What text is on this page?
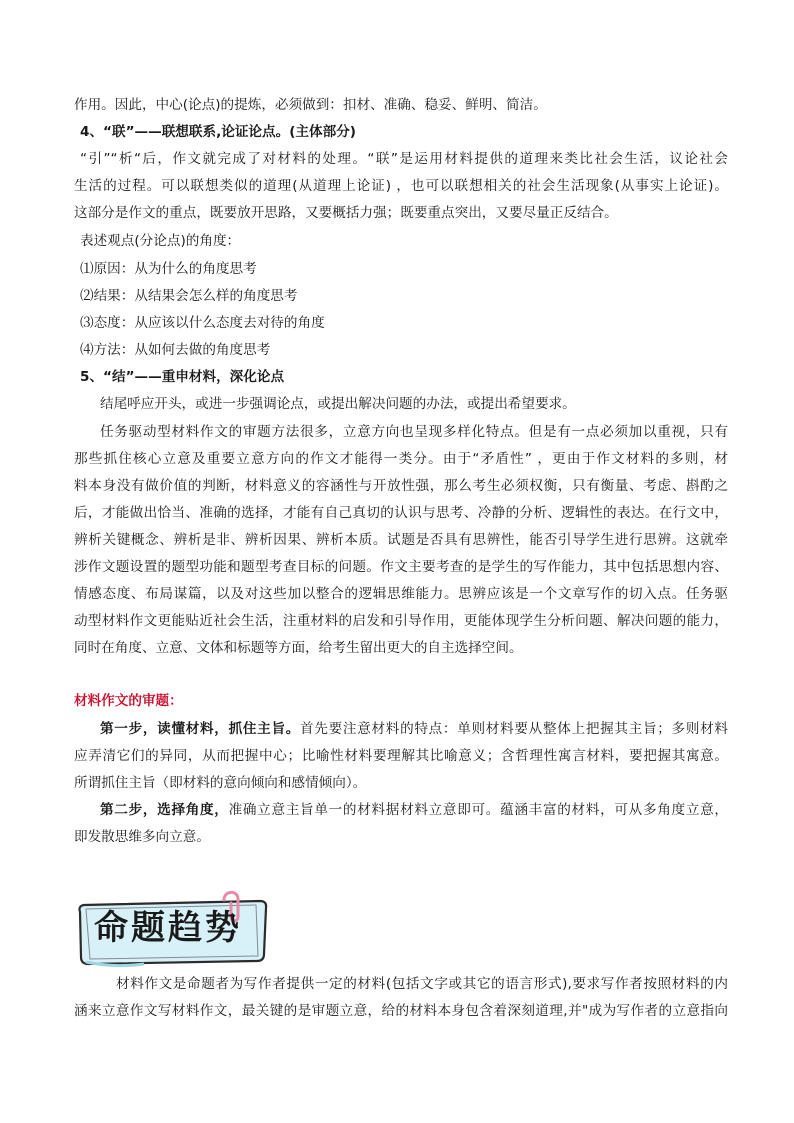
作用。因此，中心(论点)的提炼，必须做到：扣材、准确、稳妥、鲜明、简洁。
4、“联”——联想联系,论证论点。(主体部分)
“引”“析“后，作文就完成了对材料的处理。“联”是运用材料提供的道理来类比社会生活，议论社会
生活的过程。可以联想类似的道理(从道理上论证) ，也可以联想相关的社会生活现象(从事实上论证)。
这部分是作文的重点，既要放开思路，又要概括力强；既要重点突出，又要尽量正反结合。
表述观点(分论点)的角度：
⑴原因：从为什么的角度思考
⑵结果：从结果会怎么样的角度思考
⑶态度：从应该以什么态度去对待的角度
⑷方法：从如何去做的角度思考
5、“结”——重申材料，深化论点
结尾呼应开头，或进一步强调论点，或提出解决问题的办法，或提出希望要求。
任务驱动型材料作文的审题方法很多，立意方向也呈现多样化特点。但是有一点必须加以重视，只有
那些抓住核心立意及重要立意方向的作文才能得一类分。由于“矛盾性” ，更由于作文材料的多则，材
料本身没有做价值的判断，材料意义的容涵性与开放性强，那么考生必须权衡，只有衡量、考虑、斟酌之
后，才能做出恰当、准确的选择，才能有自己真切的认识与思考、冷静的分析、逻辑性的表达。在行文中，
辨析关键概念、辨析是非、辨析因果、辨析本质。试题是否具有思辨性，能否引导学生进行思辨。这就牵
涉作文题设置的题型功能和题型考查目标的问题。作文主要考查的是学生的写作能力，其中包括思想内容、
情感态度、布局谋篇，以及对这些加以整合的逻辑思维能力。思辨应该是一个文章写作的切入点。任务驱
动型材料作文更能贴近社会生活，注重材料的启发和引导作用，更能体现学生分析问题、解决问题的能力，
同时在角度、立意、文体和标题等方面，给考生留出更大的自主选择空间。
材料作文的审题：
第一步，读懂材料，抓住主旨。首先要注意材料的特点：单则材料要从整体上把握其主旨；多则材料
应弄清它们的异同，从而把握中心；比喻性材料要理解其比喻意义；含哲理性寓言材料，要把握其寓意。
所谓抓住主旨（即材料的意向倾向和感情倾向）。
第二步，选择角度，准确立意主旨单一的材料据材料立意即可。蕴涵丰富的材料，可从多角度立意，
即发散思维多向立意。
命题趋势
材料作文是命题者为写作者提供一定的材料(包括文字或其它的语言形式),要求写作者按照材料的内
涵来立意作文写材料作文，最关键的是审题立意，给的材料本身包含着深刻道理,并"成为写作者的立意指向
